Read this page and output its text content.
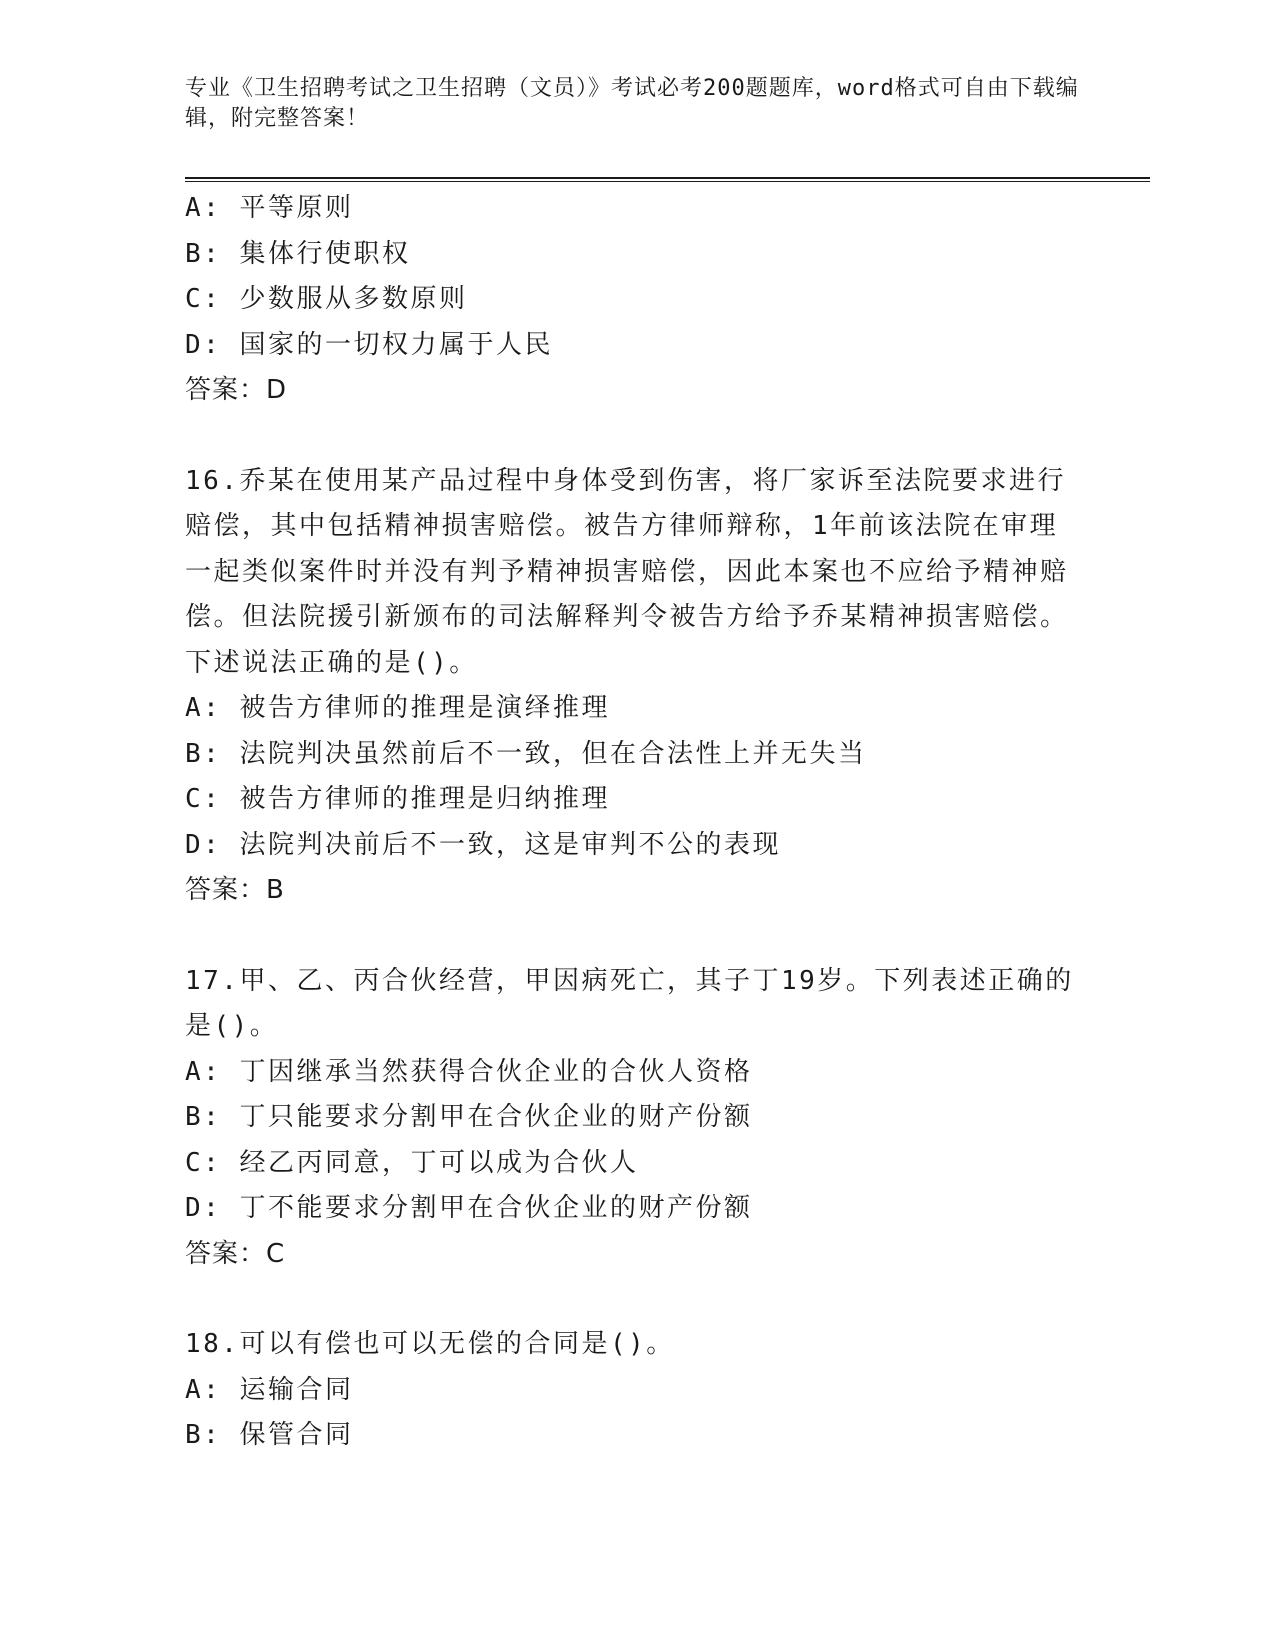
专业《卫生招聘考试之卫生招聘（文员）》考试必考200题题库，word格式可自由下载编辑，附完整答案！
A: 平等原则
B: 集体行使职权
C: 少数服从多数原则
D: 国家的一切权力属于人民
答案：D
16.乔某在使用某产品过程中身体受到伤害，将厂家诉至法院要求进行赔偿，其中包括精神损害赔偿。被告方律师辩称，1年前该法院在审理一起类似案件时并没有判予精神损害赔偿，因此本案也不应给予精神赔偿。但法院援引新颁布的司法解释判令被告方给予乔某精神损害赔偿。下述说法正确的是()。
A: 被告方律师的推理是演绎推理
B: 法院判决虽然前后不一致，但在合法性上并无失当
C: 被告方律师的推理是归纳推理
D: 法院判决前后不一致，这是审判不公的表现
答案：B
17.甲、乙、丙合伙经营，甲因病死亡，其子丁19岁。下列表述正确的是()。
A: 丁因继承当然获得合伙企业的合伙人资格
B: 丁只能要求分割甲在合伙企业的财产份额
C: 经乙丙同意，丁可以成为合伙人
D: 丁不能要求分割甲在合伙企业的财产份额
答案：C
18.可以有偿也可以无偿的合同是()。
A: 运输合同
B: 保管合同
